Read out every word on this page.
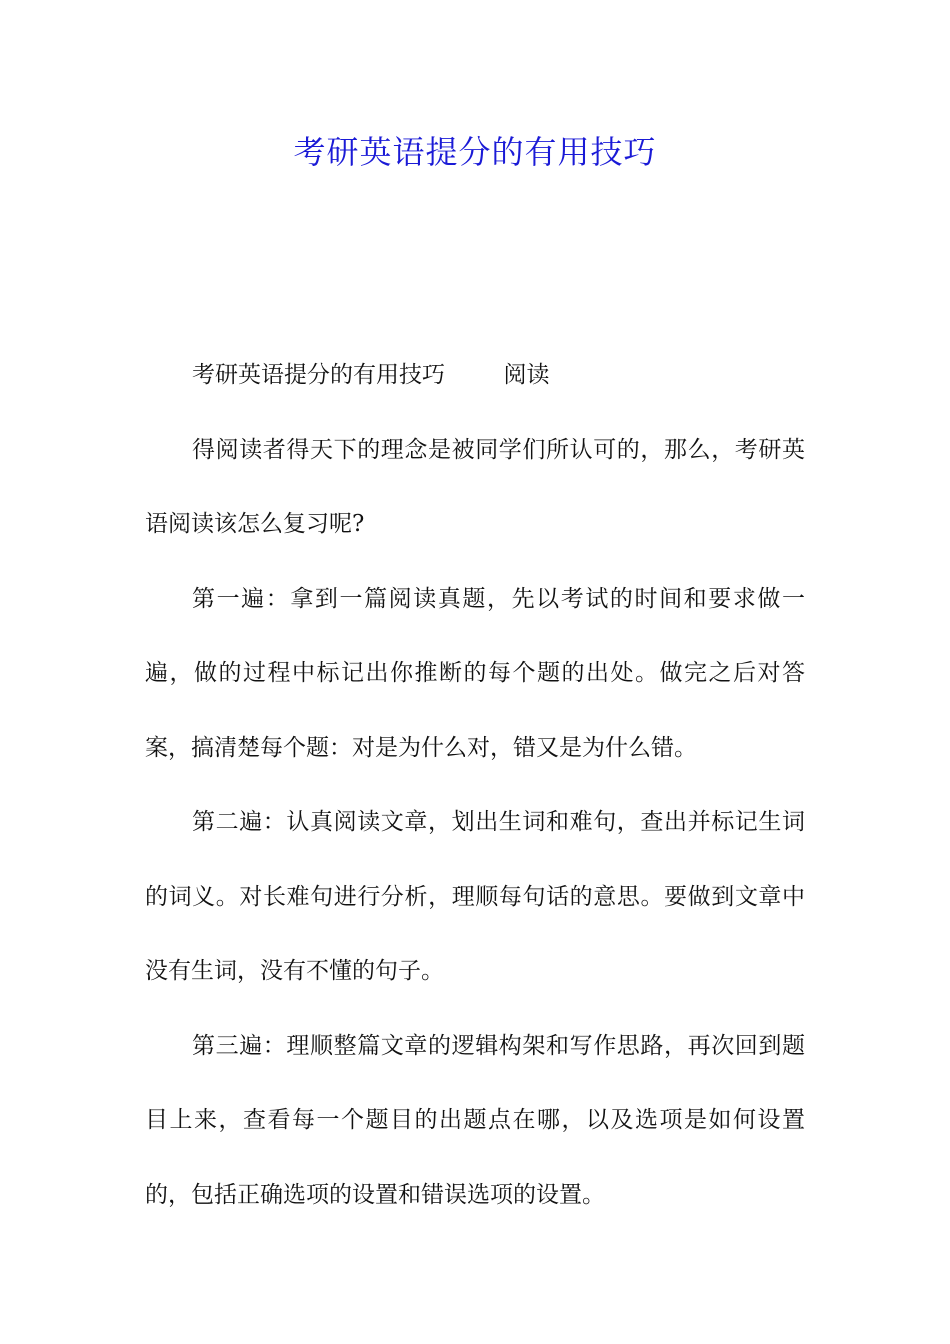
考研英语提分的有用技巧

考研英语提分的有用技巧	阅读

得阅读者得天下的理念是被同学们所认可的，那么，考研英语阅读该怎么复习呢?

第一遍：拿到一篇阅读真题，先以考试的时间和要求做一遍，做的过程中标记出你推断的每个题的出处。做完之后对答案，搞清楚每个题：对是为什么对，错又是为什么错。

第二遍：认真阅读文章，划出生词和难句，查出并标记生词的词义。对长难句进行分析，理顺每句话的意思。要做到文章中没有生词，没有不懂的句子。

第三遍：理顺整篇文章的逻辑构架和写作思路，再次回到题目上来，查看每一个题目的出题点在哪，以及选项是如何设置的，包括正确选项的设置和错误选项的设置。
